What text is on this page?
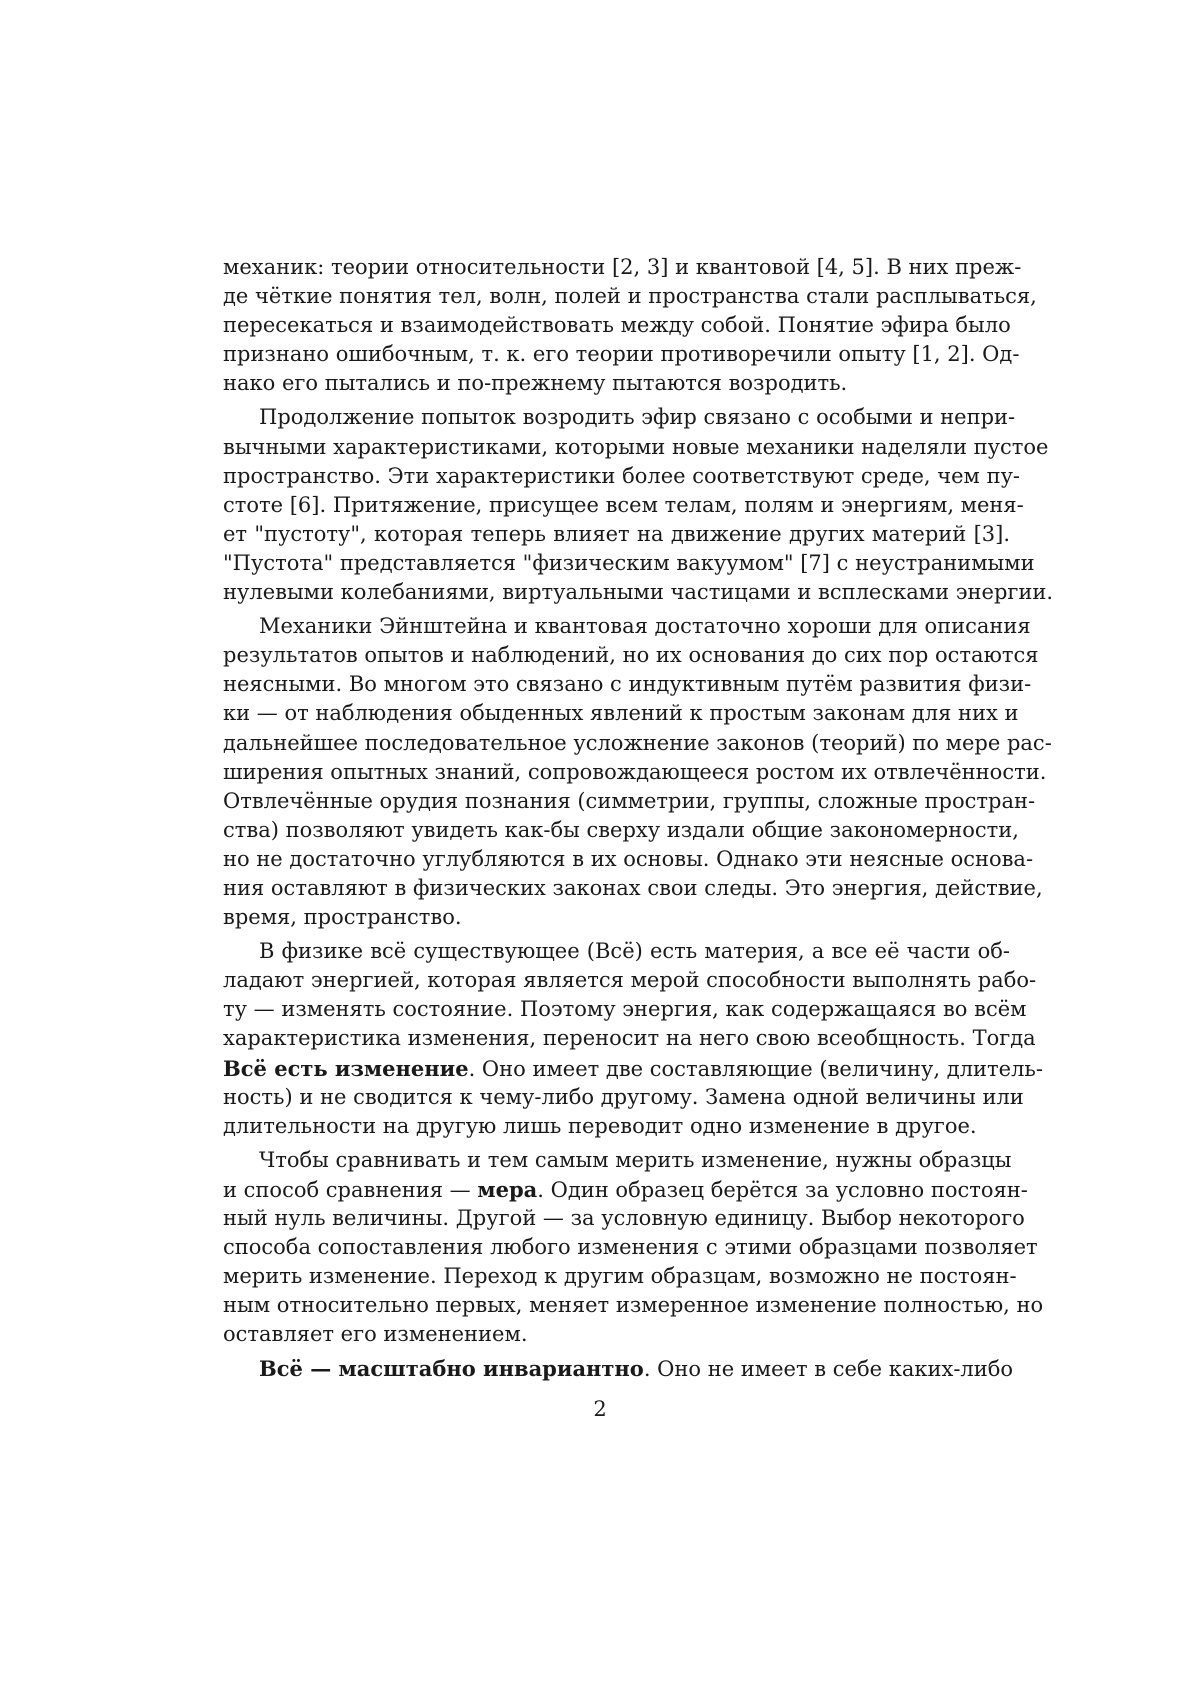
механик: теории относительности [2, 3] и квантовой [4, 5]. В них преж-
де чёткие понятия тел, волн, полей и пространства стали расплываться,
пересекаться и взаимодействовать между собой. Понятие эфира было
признано ошибочным, т. к. его теории противоречили опыту [1, 2]. Од-
нако его пытались и по-прежнему пытаются возродить.
Продолжение попыток возродить эфир связано с особыми и непри-
вычными характеристиками, которыми новые механики наделяли пустое
пространство. Эти характеристики более соответствуют среде, чем пу-
стоте [6]. Притяжение, присущее всем телам, полям и энергиям, меня-
ет "пустоту", которая теперь влияет на движение других материй [3].
"Пустота" представляется "физическим вакуумом" [7] с неустранимыми
нулевыми колебаниями, виртуальными частицами и всплесками энергии.
Механики Эйнштейна и квантовая достаточно хороши для описания
результатов опытов и наблюдений, но их основания до сих пор остаются
неясными. Во многом это связано с индуктивным путём развития физи-
ки — от наблюдения обыденных явлений к простым законам для них и
дальнейшее последовательное усложнение законов (теорий) по мере рас-
ширения опытных знаний, сопровождающееся ростом их отвлечённости.
Отвлечённые орудия познания (симметрии, группы, сложные простран-
ства) позволяют увидеть как-бы сверху издали общие закономерности,
но не достаточно углубляются в их основы. Однако эти неясные основа-
ния оставляют в физических законах свои следы. Это энергия, действие,
время, пространство.
В физике всё существующее (Всё) есть материя, а все её части об-
ладают энергией, которая является мерой способности выполнять рабо-
ту — изменять состояние. Поэтому энергия, как содержащаяся во всём
характеристика изменения, переносит на него свою всеобщность. Тогда
Всё есть изменение. Оно имеет две составляющие (величину, длитель-
ность) и не сводится к чему-либо другому. Замена одной величины или
длительности на другую лишь переводит одно изменение в другое.
Чтобы сравнивать и тем самым мерить изменение, нужны образцы
и способ сравнения — мера. Один образец берётся за условно постоян-
ный нуль величины. Другой — за условную единицу. Выбор некоторого
способа сопоставления любого изменения с этими образцами позволяет
мерить изменение. Переход к другим образцам, возможно не постоян-
ным относительно первых, меняет измеренное изменение полностью, но
оставляет его изменением.
Всё — масштабно инвариантно. Оно не имеет в себе каких-либо
2
